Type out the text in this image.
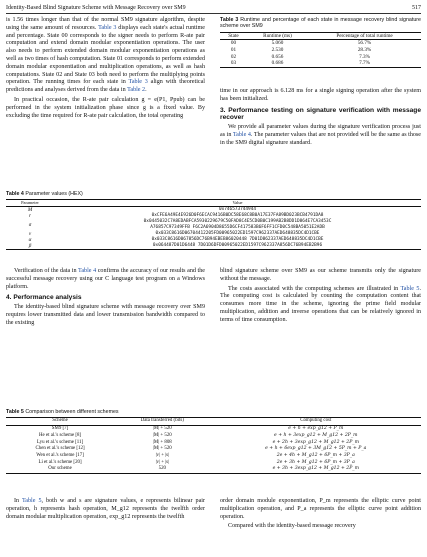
Identity-Based Blind Signature Scheme with Message Recovery over SM9	517

is 1.56 times longer than that of the normal SM9 signature algorithm, despite using the same amount of resources. Table 3 displays each state's actual runtime and percentage. State 00 corresponds to the signer needs to perform R-ate pair computation and extend domain modular exponentiation operations. The user also needs to perform extended domain modular exponentiation operations as well as two times of hash computation. State 01 corresponds to perform extended domain modular exponentiation and multiplication operations, as well as hash computations. State 02 and State 03 both need to perform the multiplying points operation. The running times for each state in Table 3 align with theoretical predictions and analyses derived from the data in Table 2.

In practical occasion, the R-ate pair calculation g = e(P1, Ppub) can be performed in the system initialization phase since g is a fixed value. By excluding the time required for R-ate pair calculation, the total operating

Table 3 Runtime and percentage of each state in message recovery blind signature scheme over SM9
State	Runtime (ms)	Percentage of total runtime
00	5.060	56.7%
01	2.530	28.3%
02	0.656	7.3%
03	0.686	7.7%

time in our approach is 6.128 ms for a single signing operation after the system has been initialized.

3. Performance testing on signature verification with message recover

We provide all parameter values during the signature verification process just as in Table 4. The parameter values that are not provided will be the same as those in the SM9 digital signature standard.

Table 4 Parameter values (HEX)
Parameter	Value
M	0x746573744944
r	0xCFE6A49E4E926D0F6ECAC9416B0DC58E68C8B0A17E37FA89BD023BCB4791DA8
σ	0x0445032C7A8EDABFCA5930229679C50FAD8C4E5CD0B0C199AB2B8DD1D864E7CA3453C
A76857C97349FFB F6C2A6904D8655D6CF417583B6F6FF1CFD0C548BA5051E2ADB
v	0x033C8616D06704412205FD00965022ED1597C962337AED648835DC4D1CBE
α	0x033C8616D067856DC76B94EBEB86020448 7D01D862337AED648835DC4D1CBE
β	0x064487D01D6448 7D01D6DFD00965022ED1597C962337A856DC76B94EB2B96

Verification of the data in Table 4 confirms the accuracy of our results and the successful message recovery using our C language test program on a Windows platform.

4. Performance analysis

The identity-based blind signature scheme with message recovery over SM9 requires lower transmitted data and lower transmission bandwidth compared to the existing

blind signature scheme over SM9 as our scheme transmits only the signature without the message.

The costs associated with the computing schemes are illustrated in Table 5. The computing cost is calculated by counting the computation content that consumes more time in the scheme, ignoring the prime field modular multiplication, addition and inverse operations that can be relatively ignored in terms of time consumption.

Table 5 Comparison between different schemes
Scheme	Data transferred (bits)	Computing cost
SM9 [7]	|M| + 520	e + h + exp_g12 + P_m
He et al.'s scheme [8]	|M| + 520	e + h + 3exp_g12 + M_g12 + 2P_m
Lyu et al.'s scheme [11]	|M| + 808	e + 2h + 3exp_g12 + M_g12 + 2P_m
Chen et al.'s scheme [12]	|M| + 520	e + h + 6exp_g12 + 3M_g12 + 5P_m + P_a
Wen et al.'s scheme [17]	|v| + |s|	2e + 4h + M_g12 + 6P_m + 3P_a
Li et al.'s scheme [20]	|v| + |s|	2e + 3h + M_g12 + 6P_m + 3P_a
Our scheme	520	e + 3h + 3exp_g12 + M_g12 + 2P_m

In Table 5, both w and s are signature values, e represents bilinear pair operation, h represents hash operation, M_g12 represents the twelfth order domain modular multiplication operation, exp_g12 represents the twelfth

order domain module exponentiation, P_m represents the elliptic curve point multiplication operation, and P_a represents the elliptic curve point addition operation.

Compared with the identity-based message recovery
